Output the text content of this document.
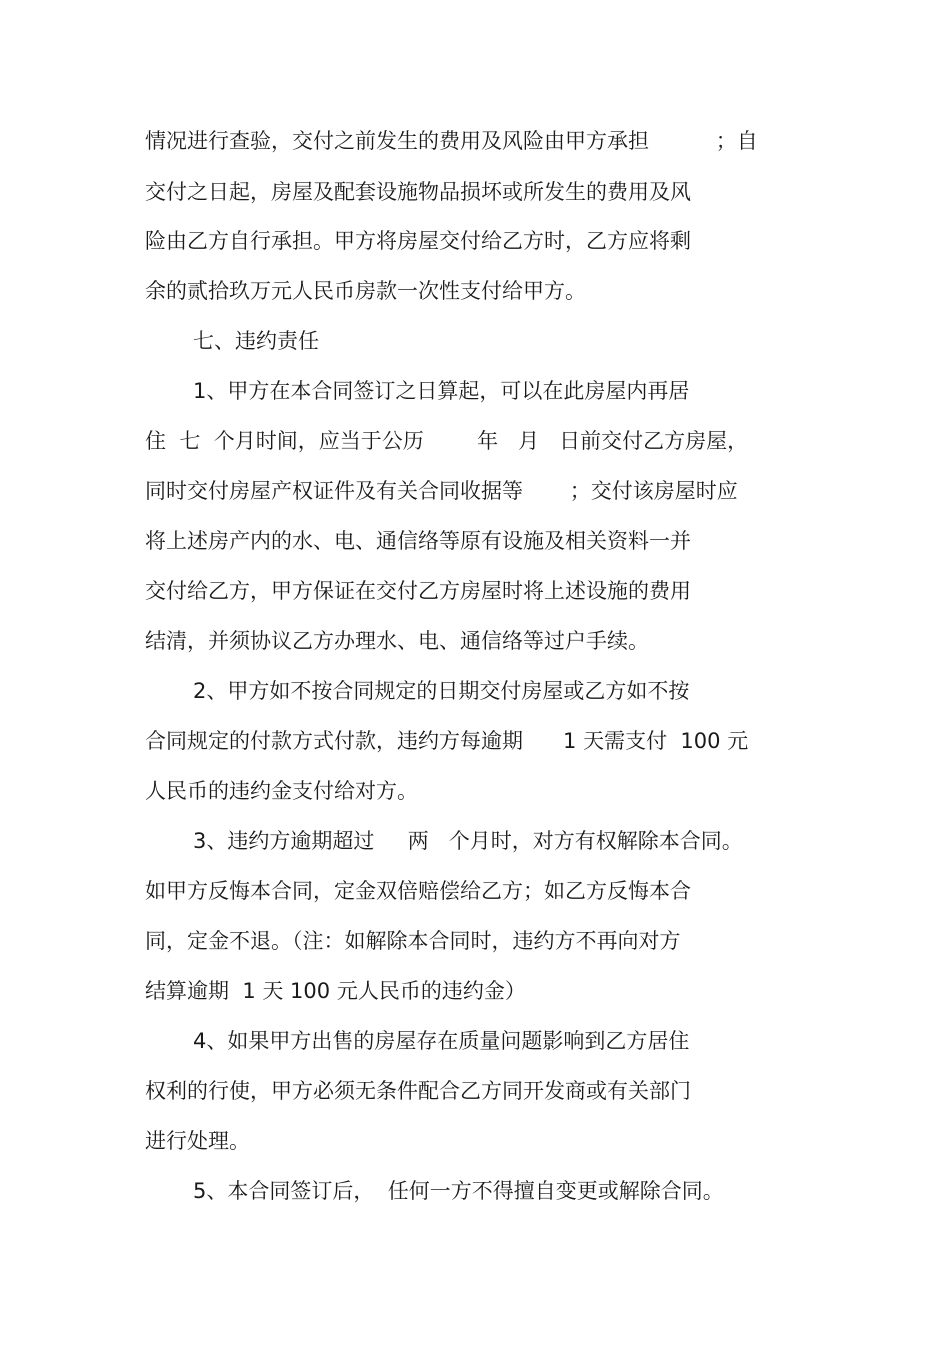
情况进行查验，交付之前发生的费用及风险由甲方承担          ；自

交付之日起，房屋及配套设施物品损坏或所发生的费用及风

险由乙方自行承担。甲方将房屋交付给乙方时，乙方应将剩

余的贰拾玖万元人民币房款一次性支付给甲方。

七、违约责任

1、甲方在本合同签订之日算起，可以在此房屋内再居

住  七  个月时间，应当于公历        年   月   日前交付乙方房屋，

同时交付房屋产权证件及有关合同收据等       ；交付该房屋时应

将上述房产内的水、电、通信络等原有设施及相关资料一并

交付给乙方，甲方保证在交付乙方房屋时将上述设施的费用

结清，并须协议乙方办理水、电、通信络等过户手续。

2、甲方如不按合同规定的日期交付房屋或乙方如不按

合同规定的付款方式付款，违约方每逾期      1 天需支付  100 元

人民币的违约金支付给对方。

3、违约方逾期超过     两   个月时，对方有权解除本合同。

如甲方反悔本合同，定金双倍赔偿给乙方；如乙方反悔本合

同，定金不退。（注：如解除本合同时，违约方不再向对方

结算逾期  1 天 100 元人民币的违约金）

4、如果甲方出售的房屋存在质量问题影响到乙方居住

权利的行使，甲方必须无条件配合乙方同开发商或有关部门

进行处理。

5、本合同签订后，  任何一方不得擅自变更或解除合同。
